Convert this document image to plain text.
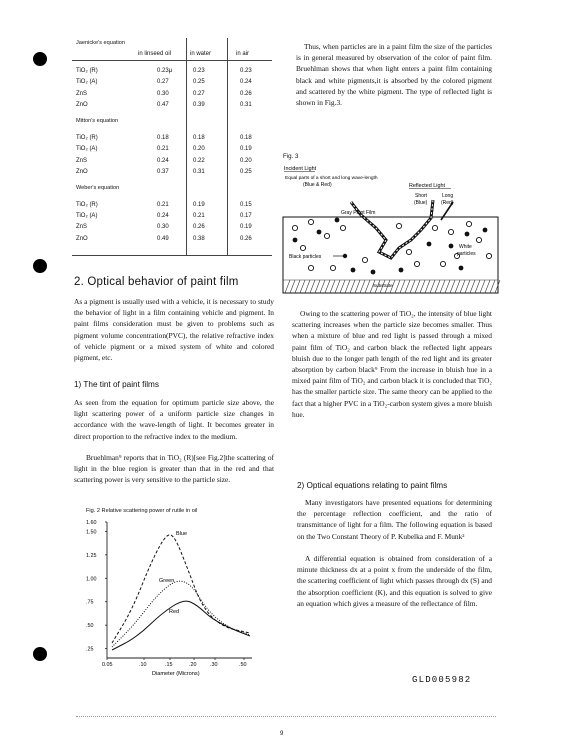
Jaenicke's equation
in linseed oil	in water	in air
TiO₂ (R)	0.23µ	0.23	0.23
TiO₂ (A)	0.27	0.25	0.24
ZnS	0.30	0.27	0.26
ZnO	0.47	0.39	0.31
Mitton's equation
TiO₂ (R)	0.18	0.18	0.18
TiO₂ (A)	0.21	0.20	0.19
ZnS	0.24	0.22	0.20
ZnO	0.37	0.31	0.25
Weber's equation
TiO₂ (R)	0.21	0.19	0.15
TiO₂ (A)	0.24	0.21	0.17
ZnS	0.30	0.26	0.19
ZnO	0.49	0.38	0.26
2. Optical behavior of paint film
As a pigment is usually used with a vehicle, it is necessary to study the behavior of light in a film containing vehicle and pigment. In paint films consideration must be given to problems such as pigment volume concentration(PVC), the relative refractive index of vehicle pigment or a mixed system of white and colored pigment, etc.
1) The tint of paint films
As seen from the equation for optimum particle size above, the light scattering power of a uniform particle size changes in accordance with the wave-length of light. It becomes greater in direct proportion to the refractive index to the medium.
Bruehlman⁹ reports that in TiO₂ (R)[see Fig.2]the scattering of light in the blue region is greater than that in the red and that scattering power is very sensitive to the particle size.
Fig. 2 Relative scattering power of rutile in oil
1.60
1.50
1.25
1.00
.75
.50
.25
0.05	.10	.15	.20	.30	.50
Blue
Green
Red
Diameter (Microns)
Thus, when particles are in a paint film the size of the particles is in general measured by observation of the color of paint film. Bruehlman shows that when light enters a paint film containing black and white pigments,it is absorbed by the colored pigment and scattered by the white pigment. The type of reflected light is shown in Fig.3.
Fig. 3
Incident Light
Equal parts of a short and long wave-length
(Blue & Red)	Reflected Light
Short
(Blue)
Long
(Red)
Gray Paint Film
White
particles
Black particles
Substrate
Owing to the scattering power of TiO₂, the intensity of blue light scattering increases when the particle size becomes smaller. Thus when a mixture of blue and red light is passed through a mixed paint film of TiO₂ and carbon black the reflected light appears bluish due to the longer path length of the red light and its greater absorption by carbon black⁹ From the increase in bluish hue in a mixed paint film of TiO₂ and carbon black it is concluded that TiO₂ has the smaller particle size. The same theory can be applied to the fact that a higher PVC in a TiO₂-carbon system gives a more bluish hue.
2) Optical equations relating to paint films
Many investigators have presented equations for determining the percentage reflection coefficient, and the ratio of transmittance of light for a film. The following equation is based on the Two Constant Theory of P. Kubelka and F. Munk²
A differential equation is obtained from consideration of a minute thickness dx at a point x from the underside of the film, the scattering coefficient of light which passes through dx (S) and the absorption coefficient (K), and this equation is solved to give an equation which gives a measure of the reflectance of film.
GLD005982
9
